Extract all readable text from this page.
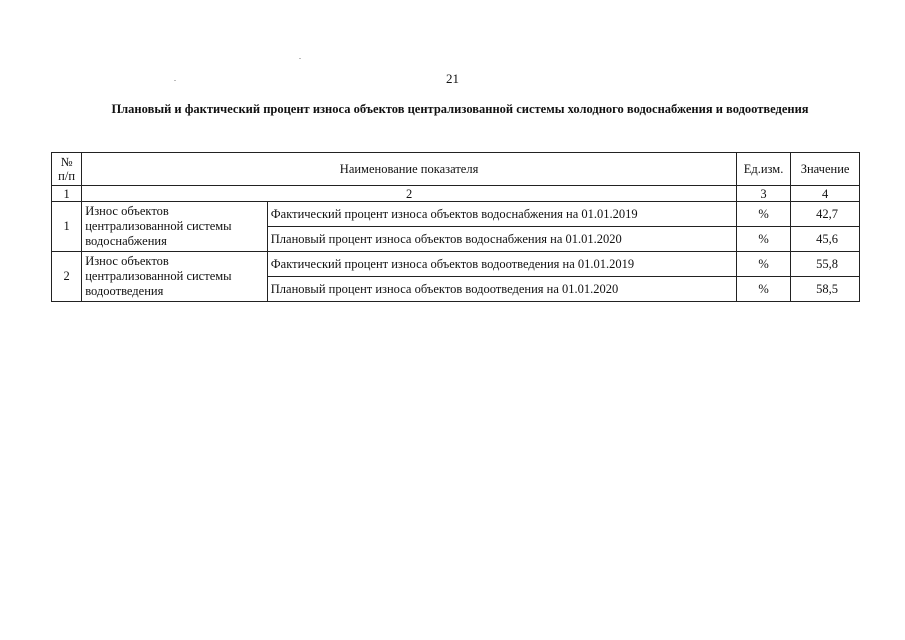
21
Плановый и фактический процент износа объектов централизованной системы холодного водоснабжения и водоотведения
№ п/п	Наименование показателя		Ед.изм.	Значение
1	2		3	4
1	Износ объектов централизованной системы водоснабжения	Фактический процент износа объектов водоснабжения на 01.01.2019	%	42,7
		Плановый процент износа объектов водоснабжения на 01.01.2020	%	45,6
2	Износ объектов централизованной системы водоотведения	Фактический процент износа объектов водоотведения на 01.01.2019	%	55,8
		Плановый процент износа объектов водоотведения на 01.01.2020	%	58,5
